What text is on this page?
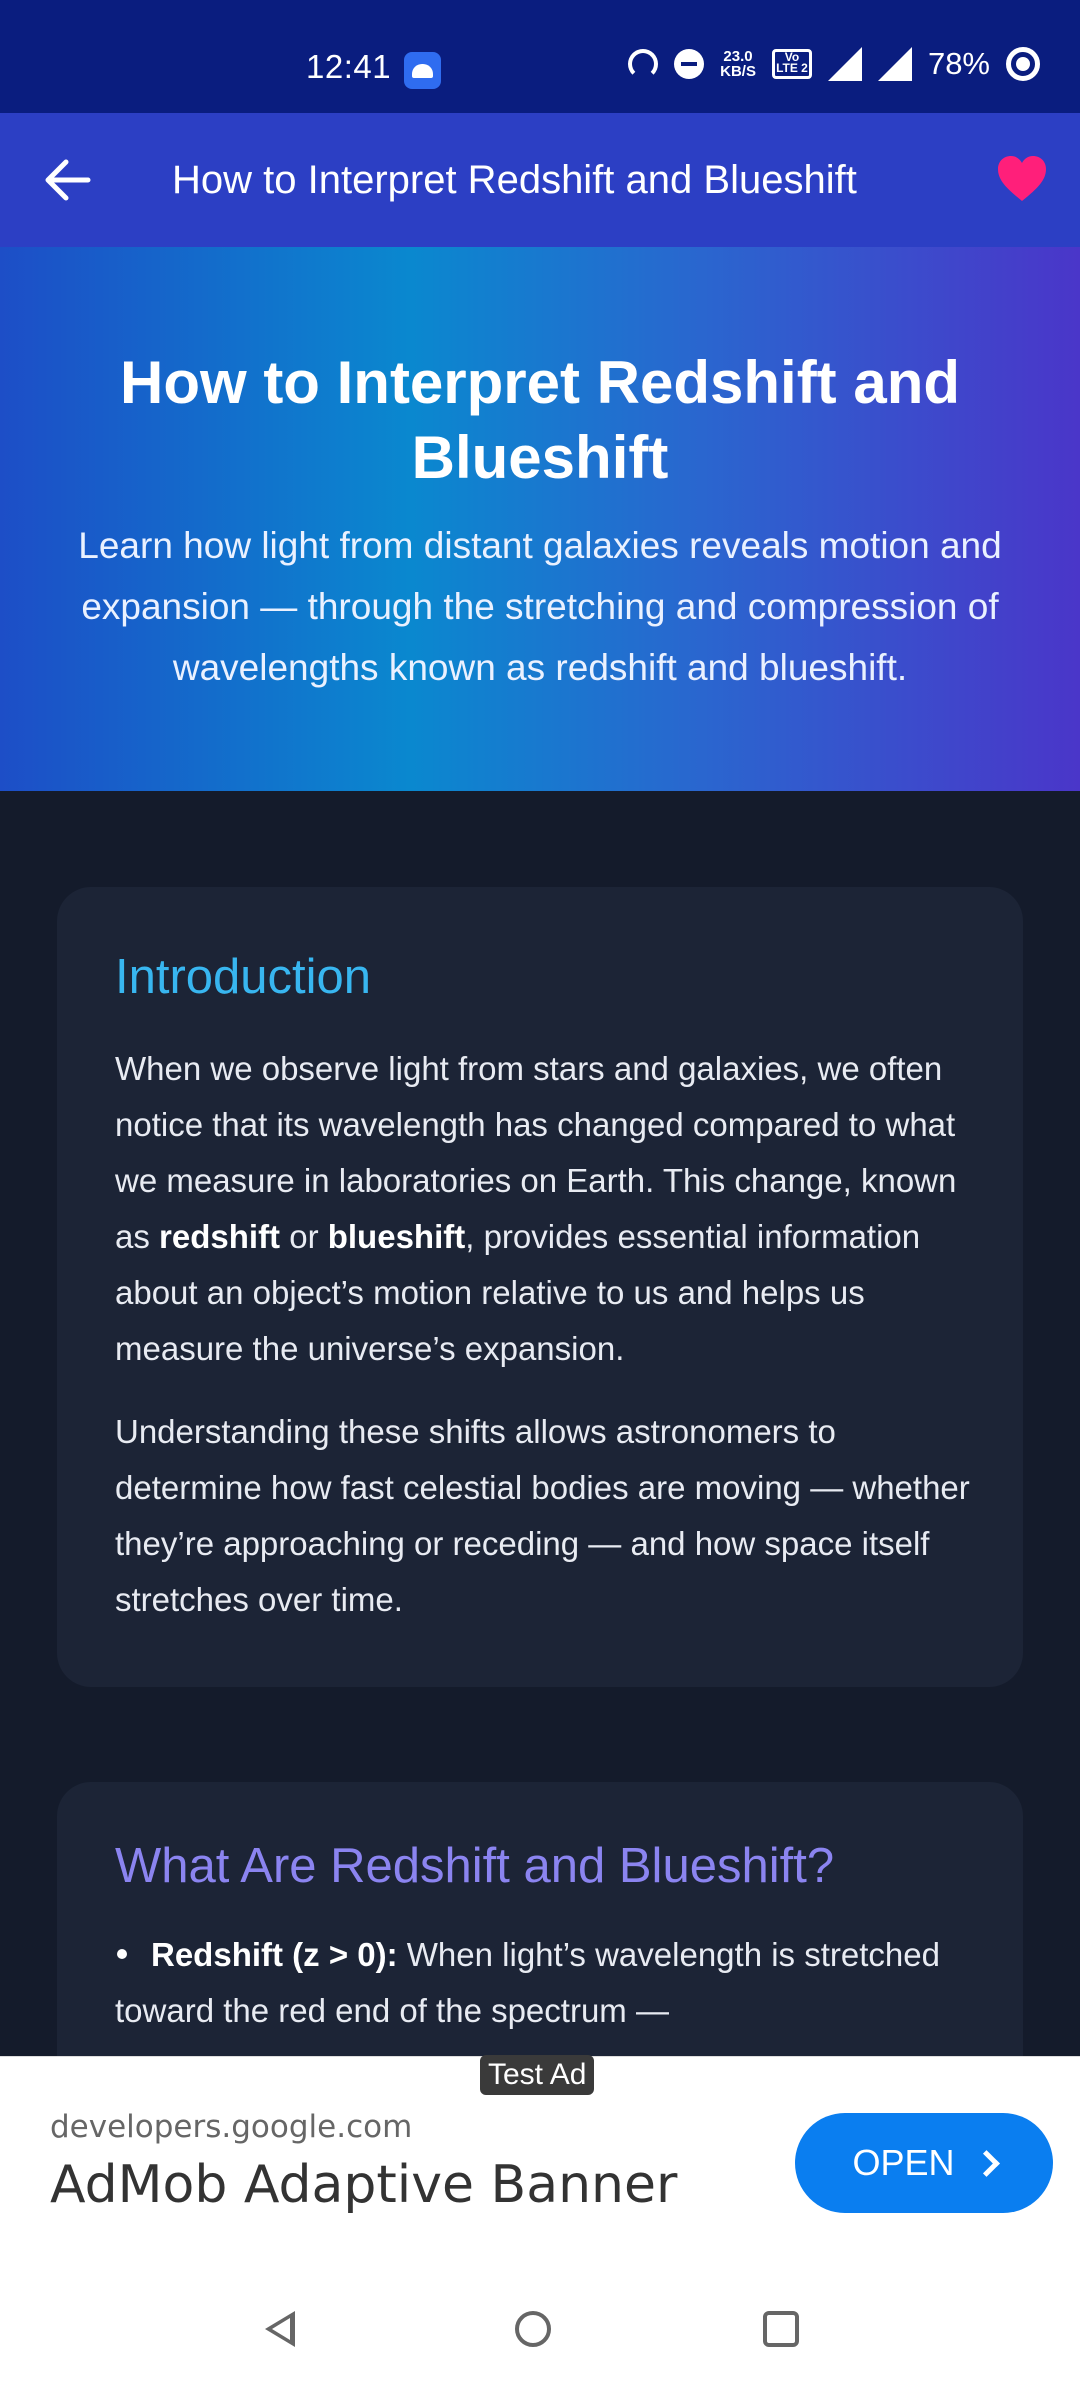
12:41	23.0
KB/S
Vo LTE 2	78%
How to Interpret Redshift and Blueshift
How to Interpret Redshift and Blueshift
Learn how light from distant galaxies reveals motion and expansion — through the stretching and compression of wavelengths known as redshift and blueshift.
Introduction

When we observe light from stars and galaxies, we often notice that its wavelength has changed compared to what we measure in laboratories on Earth. This change, known as redshift or blueshift, provides essential information about an object’s motion relative to us and helps us measure the universe’s expansion.

Understanding these shifts allows astronomers to determine how fast celestial bodies are moving — whether they’re approaching or receding — and how space itself stretches over time.

What Are Redshift and Blueshift?
Redshift (z > 0): When light’s wavelength is stretched toward the red end of the spectrum —
Test Ad
developers.google.com
AdMob Adaptive Banner	OPEN
